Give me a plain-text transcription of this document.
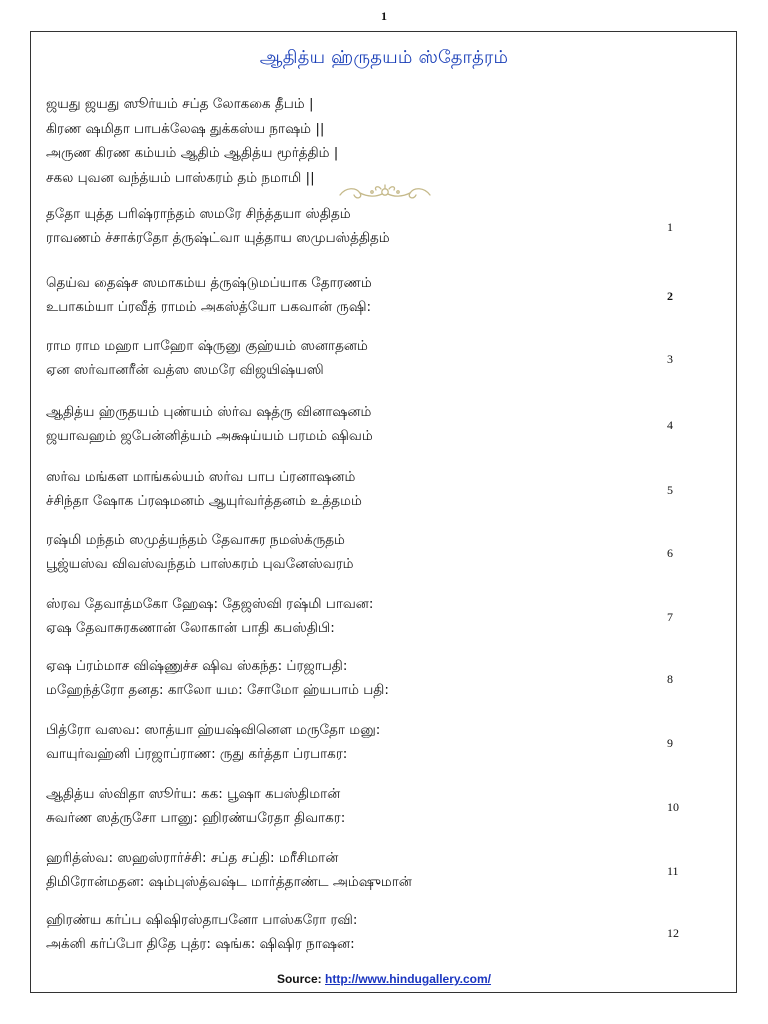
1
ஆதித்ய ஹ்ருதயம் ஸ்தோத்ரம்
ஜயது ஜயது ஸூர்யம் சப்த லோககை தீபம் |
கிரண ஷமிதா பாபக்லேஷ துக்கஸ்ய நாஷம் ||
அருண கிரண கம்யம் ஆதிம் ஆதித்ய மூர்த்திம் |
சகல புவன வந்த்யம் பாஸ்கரம் தம் நமாமி ||
ததோ யுத்த பரிஷ்ராந்தம் ஸமரே சிந்த்தயா ஸ்திதம்
ராவணம் ச்சாக்ரதோ த்ருஷ்ட்வா யுத்தாய ஸமுபஸ்த்திதம்
1
தெய்வ தைஷ்ச ஸமாகம்ய த்ருஷ்டுமப்யாக தோரணம்
உபாகம்யா ப்ரவீத் ராமம் அகஸ்த்யோ பகவான் ருஷி:
2
ராம ராம மஹா பாஹோ ஷ்ருனு குஹ்யம் ஸனாதனம்
ஏன ஸர்வானரீன் வத்ஸ ஸமரே விஜயிஷ்யஸி
3
ஆதித்ய ஹ்ருதயம் புண்யம் ஸ்ர்வ ஷத்ரு வினாஷனம்
ஜயாவஹம் ஜபேன்னித்யம் அக்ஷய்யம் பரமம் ஷிவம்
4
ஸர்வ மங்கள மாங்கல்யம் ஸர்வ பாப ப்ரனாஷனம்
ச்சிந்தா ஷோக ப்ரஷமனம் ஆயுர்வர்த்தனம் உத்தமம்
5
ரஷ்மி மந்தம் ஸமுத்யந்தம் தேவாசுர நமஸ்க்ருதம்
பூஜ்யஸ்வ விவஸ்வந்தம் பாஸ்கரம் புவனேஸ்வரம்
6
ஸ்ரவ தேவாத்மகோ ஹேஷ: தேஜஸ்வி ரஷ்மி பாவன:
ஏஷ தேவாசுரகணான் லோகான் பாதி கபஸ்திபி:
7
ஏஷ ப்ரம்மாச விஷ்ணுச்ச ஷிவ ஸ்கந்த: ப்ரஜாபதி:
மஹேந்த்ரோ தனத: காலோ யம: சோமோ ஹ்யபாம் பதி:
8
பித்ரோ வஸவ: ஸாத்யா ஹ்யஷ்வினௌ மருதோ மனு:
வாயுர்வஹ்னி ப்ரஜாப்ராண: ருது கர்த்தா ப்ரபாகர:
9
ஆதித்ய ஸ்விதா ஸூர்ய: கக: பூஷா கபஸ்திமான்
சுவர்ண ஸத்ருசோ பானு: ஹிரண்யரேதா திவாகர:
10
ஹரித்ஸ்வ: ஸஹஸ்ரார்ச்சி: சப்த சப்தி: மரீசிமான்
திமிரோன்மதன: ஷம்புஸ்த்வஷ்ட மார்த்தாண்ட அம்ஷுமான்
11
ஹிரண்ய கர்ப்ப ஷிஷிரஸ்தாபனோ பாஸ்கரோ ரவி:
அக்னி கர்ப்போ திதே புத்ர: ஷங்க: ஷிஷிர நாஷன:
12
Source: http://www.hindugallery.com/
